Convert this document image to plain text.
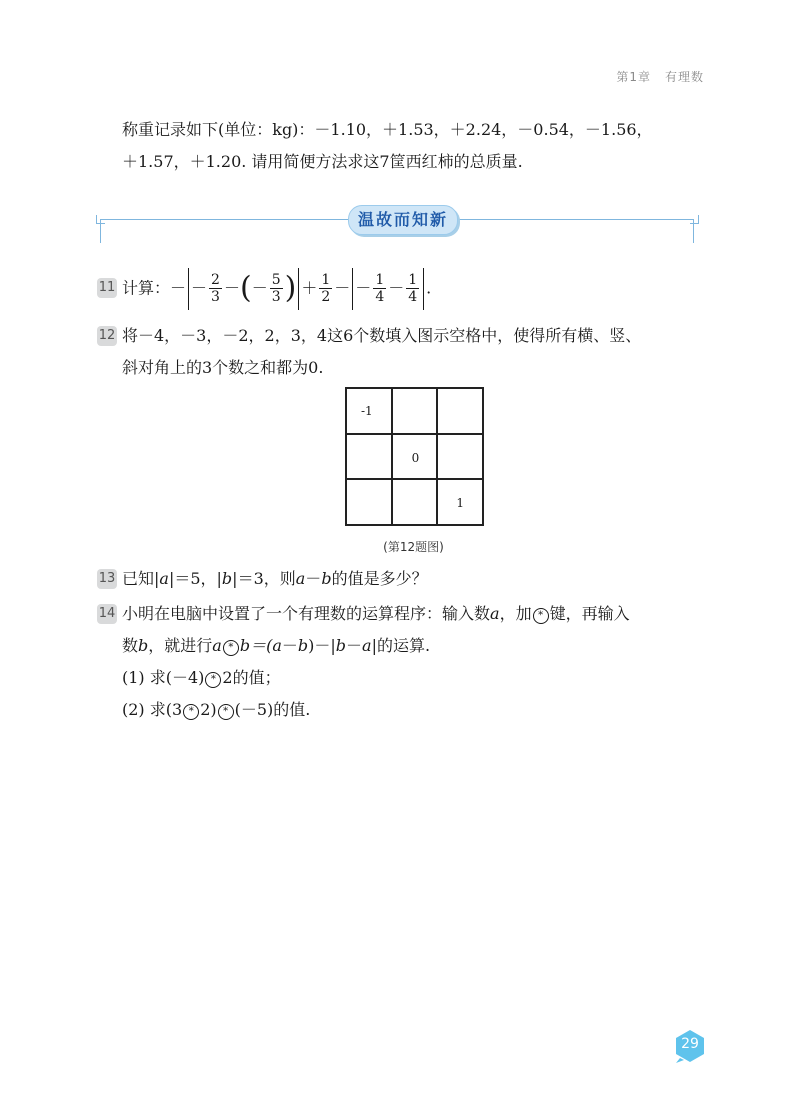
第1章 有理数
称重记录如下(单位：kg)：－1.10，＋1.53，＋2.24，－0.54，－1.56，
＋1.57，＋1.20. 请用简便方法求这7筐西红柿的总质量.
温故而知新
11 计算：－ － $\frac{2}{3}$ －(－ $\frac{5}{3}$ ) ＋ $\frac{1}{2}$ － － $\frac{1}{4} - \frac{1}{4}$ .
12 将－4，－3，－2，2，3，4这6个数填入图示空格中，使得所有横、竖、
斜对角上的3个数之和都为0.
-1
0
1
(第12题图)
13 已知|a|＝5，|b|＝3，则a－b的值是多少？
14 小明在电脑中设置了一个有理数的运算程序：输入数a，加 * 键，再输入
数b，就进行a * b＝(a－b)－|b－a|的运算.
(1) 求(－4) * 2的值；
(2) 求(3 * 2) * (－5)的值.
29
